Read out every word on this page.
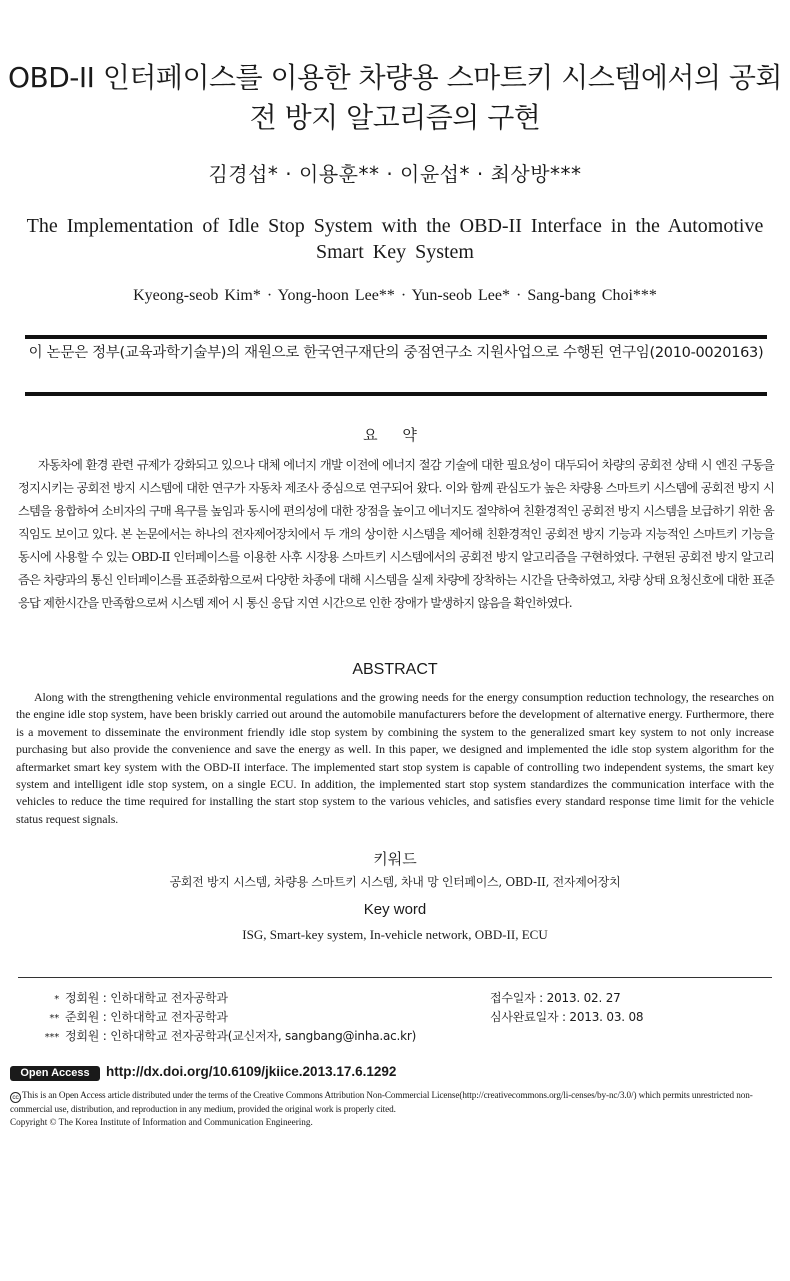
OBD-II 인터페이스를 이용한 차량용 스마트키 시스템에서의 공회전 방지 알고리즘의 구현
김경섭* · 이용훈** · 이윤섭* · 최상방***
The Implementation of Idle Stop System with the OBD-II Interface in the Automotive Smart Key System
Kyeong-seob Kim* · Yong-hoon Lee** · Yun-seob Lee* · Sang-bang Choi***
이 논문은 정부(교육과학기술부)의 재원으로 한국연구재단의 중점연구소 지원사업으로 수행된 연구임(2010-0020163)
요 약

자동차에 환경 관련 규제가 강화되고 있으나 대체 에너지 개발 이전에 에너지 절감 기술에 대한 필요성이 대두되어 차량의 공회전 상태 시 엔진 구동을 정지시키는 공회전 방지 시스템에 대한 연구가 자동차 제조사 중심으로 연구되어 왔다. 이와 함께 관심도가 높은 차량용 스마트키 시스템에 공회전 방지 시스템을 융합하여 소비자의 구매 욕구를 높임과 동시에 편의성에 대한 장점을 높이고 에너지도 절약하여 친환경적인 공회전 방지 시스템을 보급하기 위한 움직임도 보이고 있다. 본 논문에서는 하나의 전자제어장치에서 두 개의 상이한 시스템을 제어해 친환경적인 공회전 방지 기능과 지능적인 스마트키 기능을 동시에 사용할 수 있는 OBD-II 인터페이스를 이용한 사후 시장용 스마트키 시스템에서의 공회전 방지 알고리즘을 구현하였다. 구현된 공회전 방지 알고리즘은 차량과의 통신 인터페이스를 표준화함으로써 다양한 차종에 대해 시스템을 실제 차량에 장착하는 시간을 단축하였고, 차량 상태 요청신호에 대한 표준 응답 제한시간을 만족함으로써 시스템 제어 시 통신 응답 지연 시간으로 인한 장애가 발생하지 않음을 확인하였다.

ABSTRACT

Along with the strengthening vehicle environmental regulations and the growing needs for the energy consumption reduction technology, the researches on the engine idle stop system, have been briskly carried out around the automobile manufacturers before the development of alternative energy. Furthermore, there is a movement to disseminate the environment friendly idle stop system by combining the system to the generalized smart key system to not only increase purchasing but also provide the convenience and save the energy as well. In this paper, we designed and implemented the idle stop system algorithm for the aftermarket smart key system with the OBD-II interface. The implemented start stop system is capable of controlling two independent systems, the smart key system and intelligent idle stop system, on a single ECU. In addition, the implemented start stop system standardizes the communication interface with the vehicles to reduce the time required for installing the start stop system to the various vehicles, and satisfies every standard response time limit for the vehicle status request signals.

키워드
공회전 방지 시스템, 차량용 스마트키 시스템, 차내 망 인터페이스, OBD-II, 전자제어장치
Key word
ISG, Smart-key system, In-vehicle network, OBD-II, ECU
* 정회원 : 인하대학교 전자공학과
** 준회원 : 인하대학교 전자공학과
*** 정회원 : 인하대학교 전자공학과(교신저자, sangbang@inha.ac.kr)
접수일자 : 2013. 02. 27
심사완료일자 : 2013. 03. 08
Open Access	http://dx.doi.org/10.6109/jkiice.2013.17.6.1292
cc This is an Open Access article distributed under the terms of the Creative Commons Attribution Non-Commercial License(http://creativecommons.org/li-censes/by-nc/3.0/) which permits unrestricted non-commercial use, distribution, and reproduction in any medium, provided the original work is properly cited.
Copyright © The Korea Institute of Information and Communication Engineering.
